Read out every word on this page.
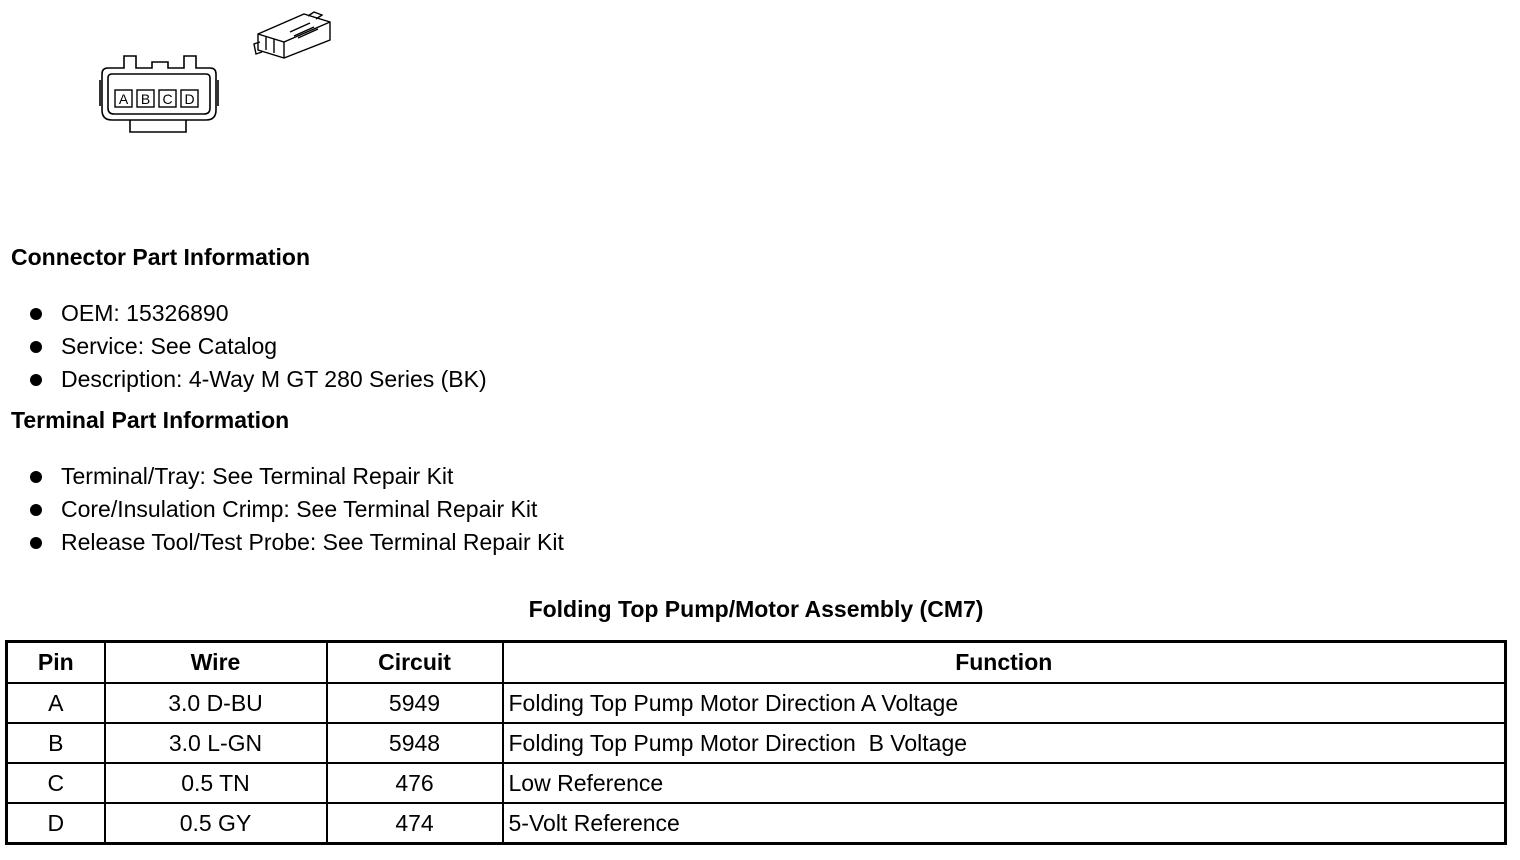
A B C D
Connector Part Information
OEM: 15326890
Service: See Catalog
Description: 4-Way M GT 280 Series (BK)
Terminal Part Information
Terminal/Tray: See Terminal Repair Kit
Core/Insulation Crimp: See Terminal Repair Kit
Release Tool/Test Probe: See Terminal Repair Kit
Folding Top Pump/Motor Assembly (CM7)
Pin	Wire	Circuit	Function
A	3.0 D-BU	5949	Folding Top Pump Motor Direction A Voltage
B	3.0 L-GN	5948	Folding Top Pump Motor Direction  B Voltage
C	0.5 TN	476	Low Reference
D	0.5 GY	474	5-Volt Reference
